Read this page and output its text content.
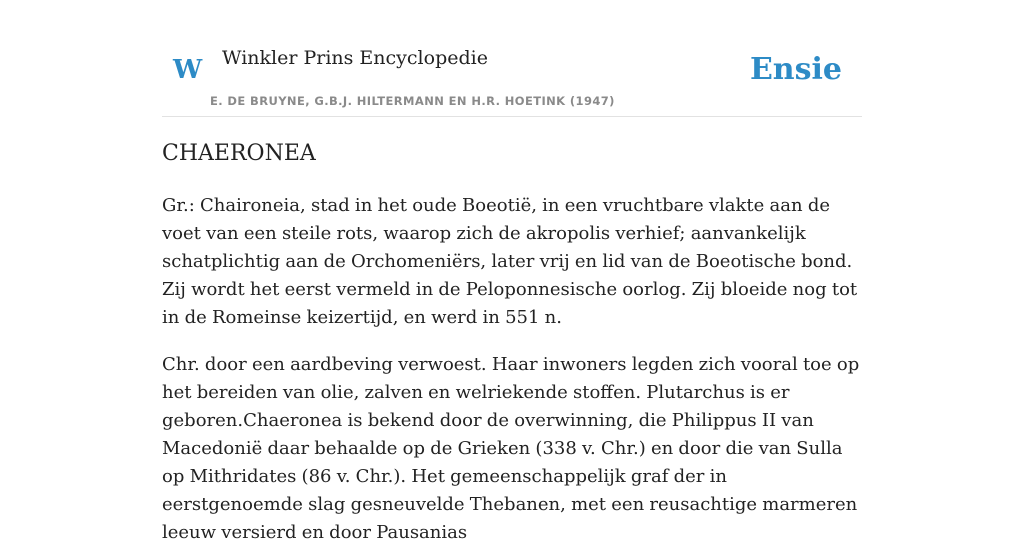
W Winkler Prins Encyclopedie
E. DE BRUYNE, G.B.J. HILTERMANN EN H.R. HOETINK (1947)
Ensie
CHAERONEA

Gr.: Chaironeia, stad in het oude Boeotië, in een vruchtbare vlakte aan de voet van een steile rots, waarop zich de akropolis verhief; aanvankelijk schatplichtig aan de Orchomeniërs, later vrij en lid van de Boeotische bond. Zij wordt het eerst vermeld in de Peloponnesische oorlog. Zij bloeide nog tot in de Romeinse keizertijd, en werd in 551 n.

Chr. door een aardbeving verwoest. Haar inwoners legden zich vooral toe op het bereiden van olie, zalven en welriekende stoffen. Plutarchus is er geboren.Chaeronea is bekend door de overwinning, die Philippus II van Macedonië daar behaalde op de Grieken (338 v. Chr.) en door die van Sulla op Mithridates (86 v. Chr.). Het gemeenschappelijk graf der in eerstgenoemde slag gesneuvelde Thebanen, met een reusachtige marmeren leeuw versierd en door Pausanias
